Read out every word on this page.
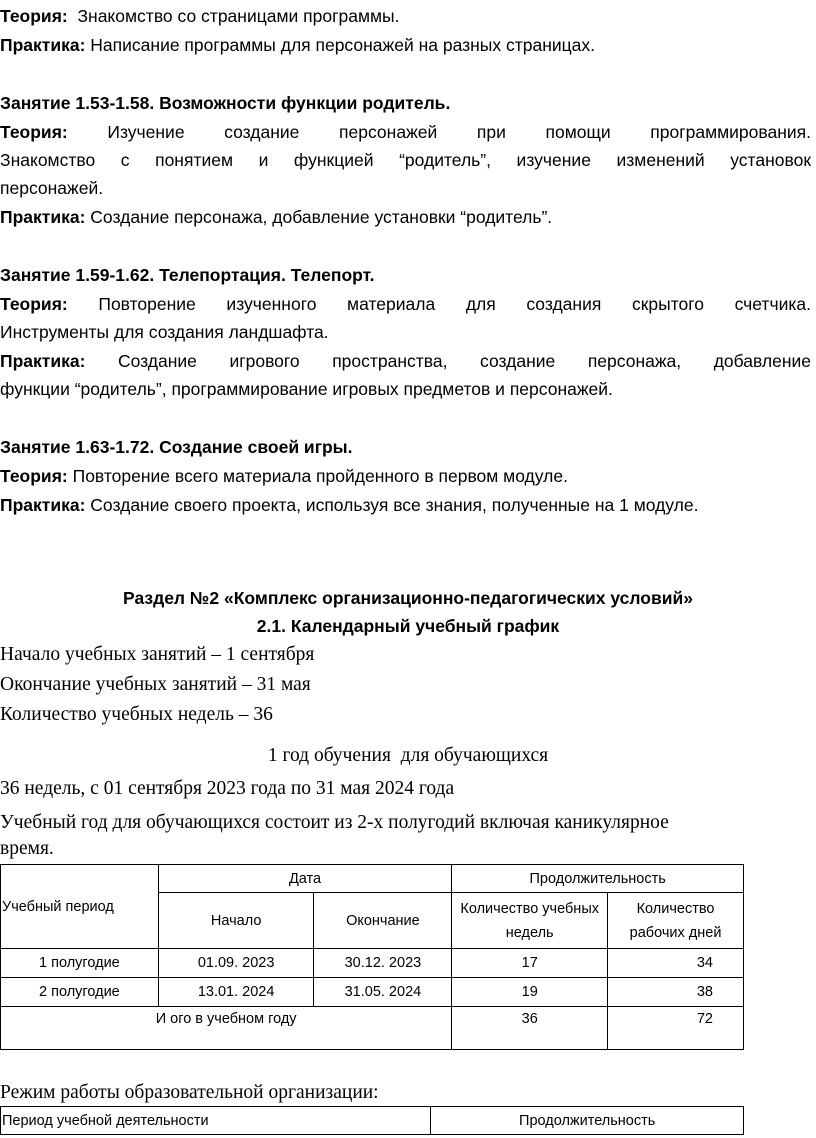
Теория: Знакомство со страницами программы.
Практика: Написание программы для персонажей на разных страницах.
Занятие 1.53-1.58. Возможности функции родитель.
Теория: Изучение создание персонажей при помощи программирования.
Знакомство с понятием и функцией “родитель”, изучение изменений установок
персонажей.
Практика: Создание персонажа, добавление установки “родитель”.
Занятие 1.59-1.62. Телепортация. Телепорт.
Теория: Повторение изученного материала для создания скрытого счетчика.
Инструменты для создания ландшафта.
Практика: Создание игрового пространства, создание персонажа, добавление
функции “родитель”, программирование игровых предметов и персонажей.
Занятие 1.63-1.72. Создание своей игры.
Теория: Повторение всего материала пройденного в первом модуле.
Практика: Создание своего проекта, используя все знания, полученные на 1 модуле.
Раздел №2 «Комплекс организационно-педагогических условий»
2.1. Календарный учебный график
Начало учебных занятий – 1 сентября
Окончание учебных занятий – 31 мая
Количество учебных недель – 36
1 год обучения  для обучающихся
36 недель, с 01 сентября 2023 года по 31 мая 2024 года
Учебный год для обучающихся состоит из 2-х полугодий включая каникулярное
время.
Учебный период	Дата		Продолжительность	
	Начало	Окончание	Количество учебных
недель	Количество
рабочих дней
1 полугодие	01.09. 2023	30.12. 2023	17	34
2 полугодие	13.01. 2024	31.05. 2024	19	38
И ого в учебном году			36	72
Режим работы образовательной организации:
Период учебной деятельности	Продолжительность
